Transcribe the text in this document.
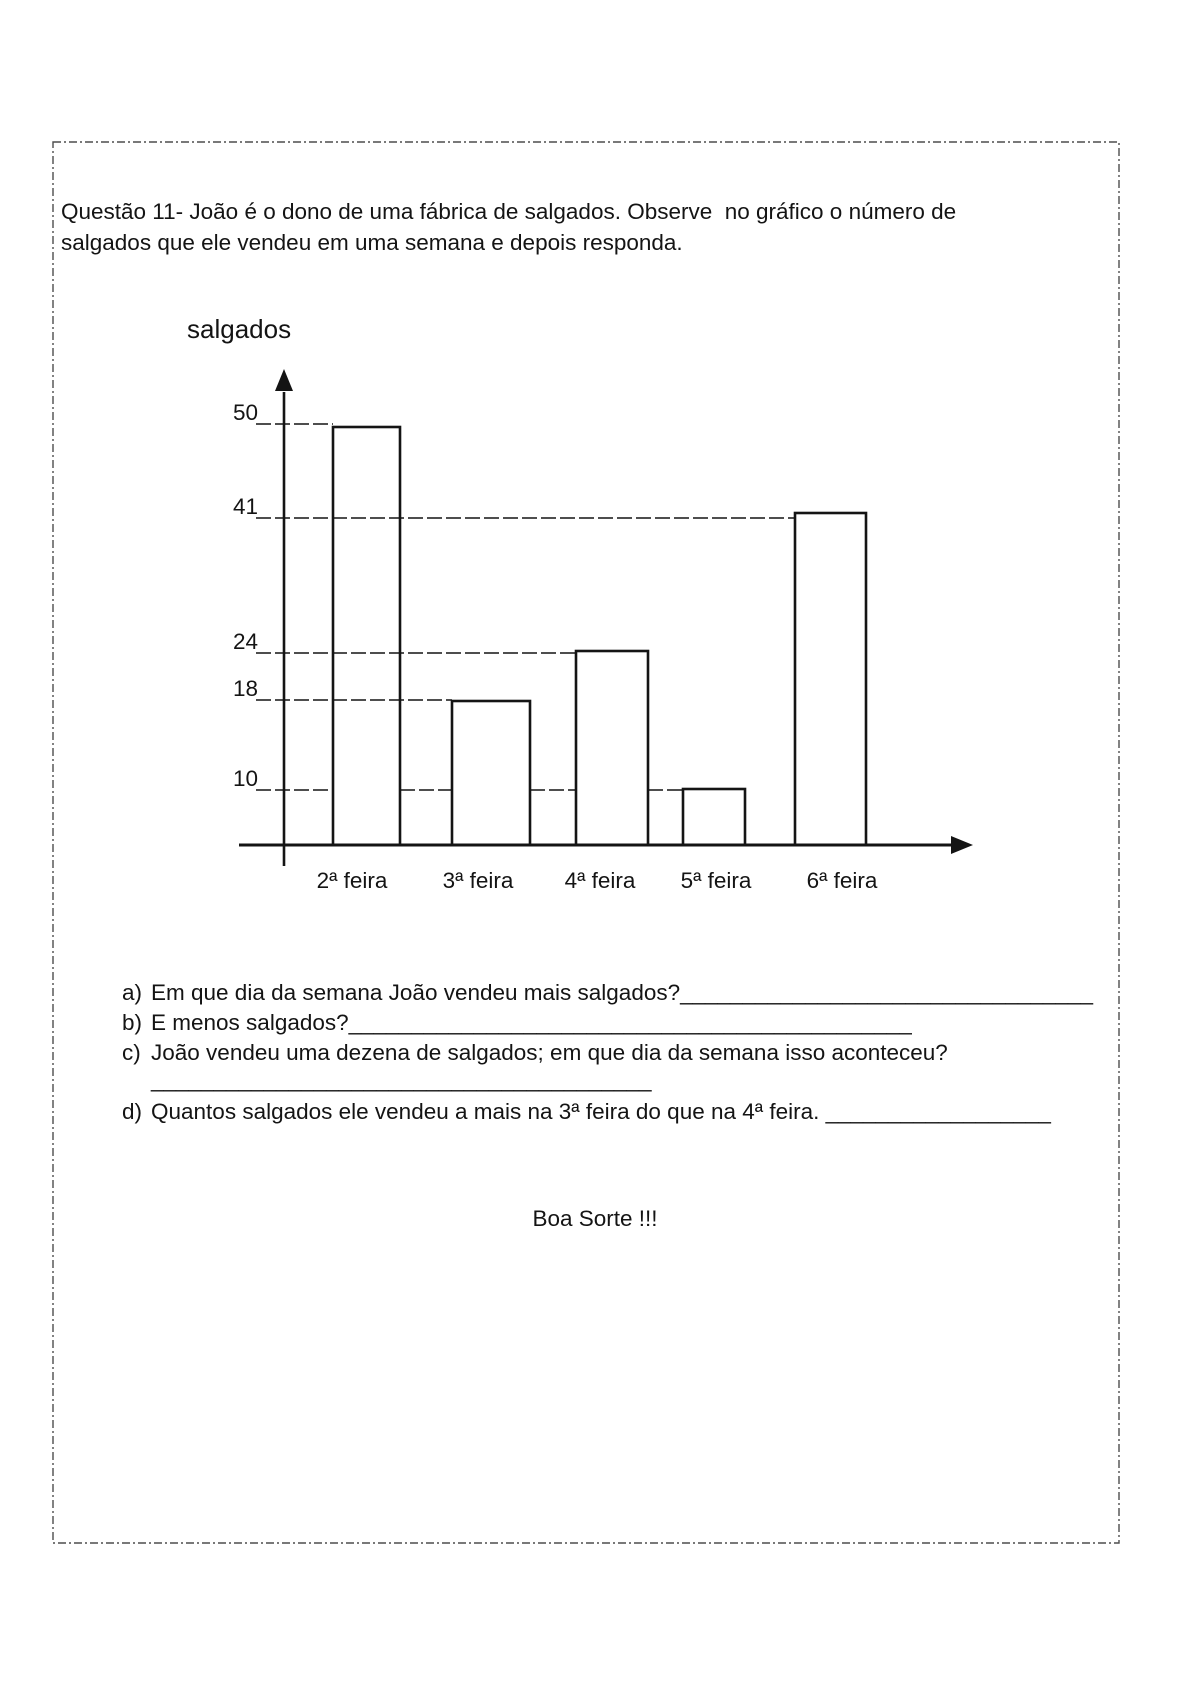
50
41
24
18
10
2ª feira 3ª feira 4ª feira 5ª feira 6ª feira
salgados
Questão 11- João é o dono de uma fábrica de salgados. Observe  no gráfico o número de
salgados que ele vendeu em uma semana e depois responda.

a) Em que dia da semana João vendeu mais salgados?_________________________________

b) E menos salgados?_____________________________________________

c) João vendeu uma dezena de salgados; em que dia da semana isso aconteceu?

________________________________________

d) Quantos salgados ele vendeu a mais na 3ª feira do que na 4ª feira. __________________

Boa Sorte !!!
